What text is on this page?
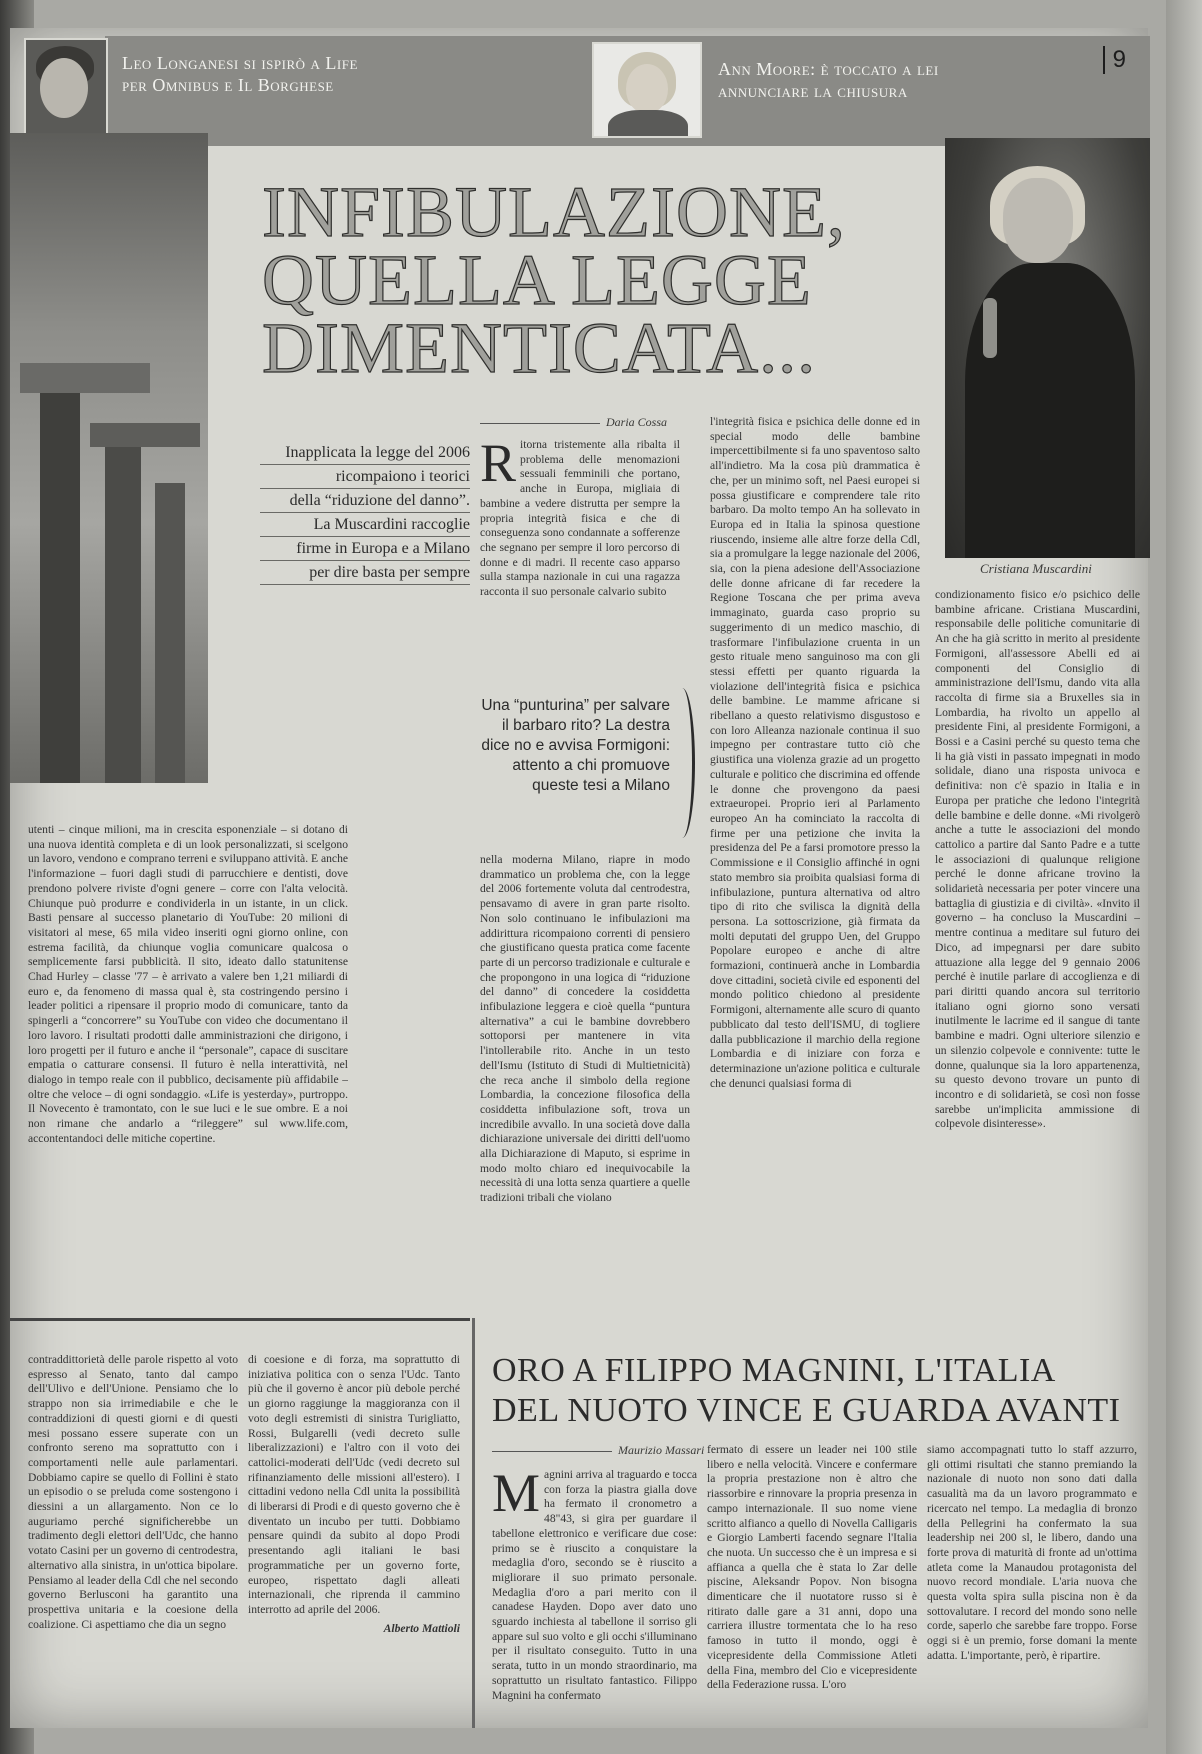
Leo Longanesi si ispirò a Life
per Omnibus e Il Borghese
Ann Moore: è toccato a lei
annunciare la chiusura
9
Cristiana Muscardini
INFIBULAZIONE,
QUELLA LEGGE
DIMENTICATA...
Inapplicata la legge del 2006
ricompaiono i teorici
della “riduzione del danno”.
La Muscardini raccoglie
firme in Europa e a Milano
per dire basta per sempre
Daria Cossa
R itorna tristemente alla ribalta il problema delle menomazioni sessuali femminili che portano, anche in Europa, migliaia di bambine a vedere distrutta per sempre la propria integrità fisica e che di conseguenza sono condannate a sofferenze che segnano per sempre il loro percorso di donne e di madri. Il recente caso apparso sulla stampa nazionale in cui una ragazza racconta il suo personale calvario subito
Una “punturina” per salvare il barbaro rito? La destra dice no e avvisa Formigoni: attento a chi promuove queste tesi a Milano
l'integrità fisica e psichica delle donne ed in special modo delle bambine impercettibilmente si fa uno spaventoso salto all'indietro. Ma la cosa più drammatica è che, per un minimo soft, nel Paesi europei si possa giustificare e comprendere tale rito barbaro. Da molto tempo An ha sollevato in Europa ed in Italia la spinosa questione riuscendo, insieme alle altre forze della Cdl, sia a promulgare la legge nazionale del 2006, sia, con la piena adesione dell'Associazione delle donne africane di far recedere la Regione Toscana che per prima aveva immaginato, guarda caso proprio su suggerimento di un medico maschio, di trasformare l'infibulazione cruenta in un gesto rituale meno sanguinoso ma con gli stessi effetti per quanto riguarda la violazione dell'integrità fisica e psichica delle bambine. Le mamme africane si ribellano a questo relativismo disgustoso e con loro Alleanza nazionale continua il suo impegno per contrastare tutto ciò che giustifica una violenza grazie ad un progetto culturale e politico che discrimina ed offende le donne che provengono da paesi extraeuropei. Proprio ieri al Parlamento europeo An ha cominciato la raccolta di firme per una petizione che invita la presidenza del Pe a farsi promotore presso la Commissione e il Consiglio affinché in ogni stato membro sia proibita qualsiasi forma di infibulazione, puntura alternativa od altro tipo di rito che svilisca la dignità della persona. La sottoscrizione, già firmata da molti deputati del gruppo Uen, del Gruppo Popolare europeo e anche di altre formazioni, continuerà anche in Lombardia dove cittadini, società civile ed esponenti del mondo politico chiedono al presidente Formigoni, alternamente alle scuro di quanto pubblicato dal testo dell'ISMU, di togliere dalla pubblicazione il marchio della regione Lombardia e di iniziare con forza e determinazione un'azione politica e culturale che denunci qualsiasi forma di
condizionamento fisico e/o psichico delle bambine africane. Cristiana Muscardini, responsabile delle politiche comunitarie di An che ha già scritto in merito al presidente Formigoni, all'assessore Abelli ed ai componenti del Consiglio di amministrazione dell'Ismu, dando vita alla raccolta di firme sia a Bruxelles sia in Lombardia, ha rivolto un appello al presidente Fini, al presidente Formigoni, a Bossi e a Casini perché su questo tema che li ha già visti in passato impegnati in modo solidale, diano una risposta univoca e definitiva: non c'è spazio in Italia e in Europa per pratiche che ledono l'integrità delle bambine e delle donne. «Mi rivolgerò anche a tutte le associazioni del mondo cattolico a partire dal Santo Padre e a tutte le associazioni di qualunque religione perché le donne africane trovino la solidarietà necessaria per poter vincere una battaglia di giustizia e di civiltà». «Invito il governo – ha concluso la Muscardini – mentre continua a meditare sul futuro dei Dico, ad impegnarsi per dare subito attuazione alla legge del 9 gennaio 2006 perché è inutile parlare di accoglienza e di pari diritti quando ancora sul territorio italiano ogni giorno sono versati inutilmente le lacrime ed il sangue di tante bambine e madri. Ogni ulteriore silenzio e un silenzio colpevole e connivente: tutte le donne, qualunque sia la loro appartenenza, su questo devono trovare un punto di incontro e di solidarietà, se così non fosse sarebbe un'implicita ammissione di colpevole disinteresse».
nella moderna Milano, riapre in modo drammatico un problema che, con la legge del 2006 fortemente voluta dal centrodestra, pensavamo di avere in gran parte risolto. Non solo continuano le infibulazioni ma addirittura ricompaiono correnti di pensiero che giustificano questa pratica come facente parte di un percorso tradizionale e culturale e che propongono in una logica di “riduzione del danno” di concedere la cosiddetta infibulazione leggera e cioè quella “puntura alternativa” a cui le bambine dovrebbero sottoporsi per mantenere in vita l'intollerabile rito. Anche in un testo dell'Ismu (Istituto di Studi di Multietnicità) che reca anche il simbolo della regione Lombardia, la concezione filosofica della cosiddetta infibulazione soft, trova un incredibile avvallo. In una società dove dalla dichiarazione universale dei diritti dell'uomo alla Dichiarazione di Maputo, si esprime in modo molto chiaro ed inequivocabile la necessità di una lotta senza quartiere a quelle tradizioni tribali che violano
utenti – cinque milioni, ma in crescita esponenziale – si dotano di una nuova identità completa e di un look personalizzati, si scelgono un lavoro, vendono e comprano terreni e sviluppano attività. E anche l'informazione – fuori dagli studi di parrucchiere e dentisti, dove prendono polvere riviste d'ogni genere – corre con l'alta velocità. Chiunque può produrre e condividerla in un istante, in un click. Basti pensare al successo planetario di YouTube: 20 milioni di visitatori al mese, 65 mila video inseriti ogni giorno online, con estrema facilità, da chiunque voglia comunicare qualcosa o semplicemente farsi pubblicità. Il sito, ideato dallo statunitense Chad Hurley – classe '77 – è arrivato a valere ben 1,21 miliardi di euro e, da fenomeno di massa qual è, sta costringendo persino i leader politici a ripensare il proprio modo di comunicare, tanto da spingerli a “concorrere” su YouTube con video che documentano il loro lavoro. I risultati prodotti dalle amministrazioni che dirigono, i loro progetti per il futuro e anche il “personale”, capace di suscitare empatia o catturare consensi. Il futuro è nella interattività, nel dialogo in tempo reale con il pubblico, decisamente più affidabile – oltre che veloce – di ogni sondaggio. «Life is yesterday», purtroppo. Il Novecento è tramontato, con le sue luci e le sue ombre. E a noi non rimane che andarlo a “rileggere” sul www.life.com, accontentandoci delle mitiche copertine.
contraddittorietà delle parole rispetto al voto espresso al Senato, tanto dal campo dell'Ulivo e dell'Unione. Pensiamo che lo strappo non sia irrimediabile e che le contraddizioni di questi giorni e di questi mesi possano essere superate con un confronto sereno ma soprattutto con i comportamenti nelle aule parlamentari. Dobbiamo capire se quello di Follini è stato un episodio o se preluda come sostengono i diessini a un allargamento. Non ce lo auguriamo perché significherebbe un tradimento degli elettori dell'Udc, che hanno votato Casini per un governo di centrodestra, alternativo alla sinistra, in un'ottica bipolare. Pensiamo al leader della Cdl che nel secondo governo Berlusconi ha garantito una prospettiva unitaria e la coesione della coalizione. Ci aspettiamo che dia un segno
di coesione e di forza, ma soprattutto di iniziativa politica con o senza l'Udc. Tanto più che il governo è ancor più debole perché un giorno raggiunge la maggioranza con il voto degli estremisti di sinistra Turigliatto, Rossi, Bulgarelli (vedi decreto sulle liberalizzazioni) e l'altro con il voto dei cattolici-moderati dell'Udc (vedi decreto sul rifinanziamento delle missioni all'estero). I cittadini vedono nella Cdl unita la possibilità di liberarsi di Prodi e di questo governo che è diventato un incubo per tutti. Dobbiamo pensare quindi da subito al dopo Prodi presentando agli italiani le basi programmatiche per un governo forte, europeo, rispettato dagli alleati internazionali, che riprenda il cammino interrotto ad aprile del 2006.
Alberto Mattioli
ORO A FILIPPO MAGNINI, L'ITALIA
DEL NUOTO VINCE E GUARDA AVANTI
Maurizio Massari
M agnini arriva al traguardo e tocca con forza la piastra gialla dove ha fermato il cronometro a 48"43, si gira per guardare il tabellone elettronico e verificare due cose: primo se è riuscito a conquistare la medaglia d'oro, secondo se è riuscito a migliorare il suo primato personale. Medaglia d'oro a pari merito con il canadese Hayden. Dopo aver dato uno sguardo inchiesta al tabellone il sorriso gli appare sul suo volto e gli occhi s'illuminano per il risultato conseguito. Tutto in una serata, tutto in un mondo straordinario, ma soprattutto un risultato fantastico. Filippo Magnini ha confermato
fermato di essere un leader nei 100 stile libero e nella velocità. Vincere e confermare la propria prestazione non è altro che riassorbire e rinnovare la propria presenza in campo internazionale. Il suo nome viene scritto alfianco a quello di Novella Calligaris e Giorgio Lamberti facendo segnare l'Italia che nuota. Un successo che è un impresa e si affianca a quella che è stata lo Zar delle piscine, Aleksandr Popov. Non bisogna dimenticare che il nuotatore russo si è ritirato dalle gare a 31 anni, dopo una carriera illustre tormentata che lo ha reso famoso in tutto il mondo, oggi è vicepresidente della Commissione Atleti della Fina, membro del Cio e vicepresidente della Federazione russa. L'oro
siamo accompagnati tutto lo staff azzurro, gli ottimi risultati che stanno premiando la nazionale di nuoto non sono dati dalla casualità ma da un lavoro programmato e ricercato nel tempo. La medaglia di bronzo della Pellegrini ha confermato la sua leadership nei 200 sl, le libero, dando una forte prova di maturità di fronte ad un'ottima atleta come la Manaudou protagonista del nuovo record mondiale. L'aria nuova che questa volta spira sulla piscina non è da sottovalutare. I record del mondo sono nelle corde, saperlo che sarebbe fare troppo. Forse oggi si è un premio, forse domani la mente adatta. L'importante, però, è ripartire.
